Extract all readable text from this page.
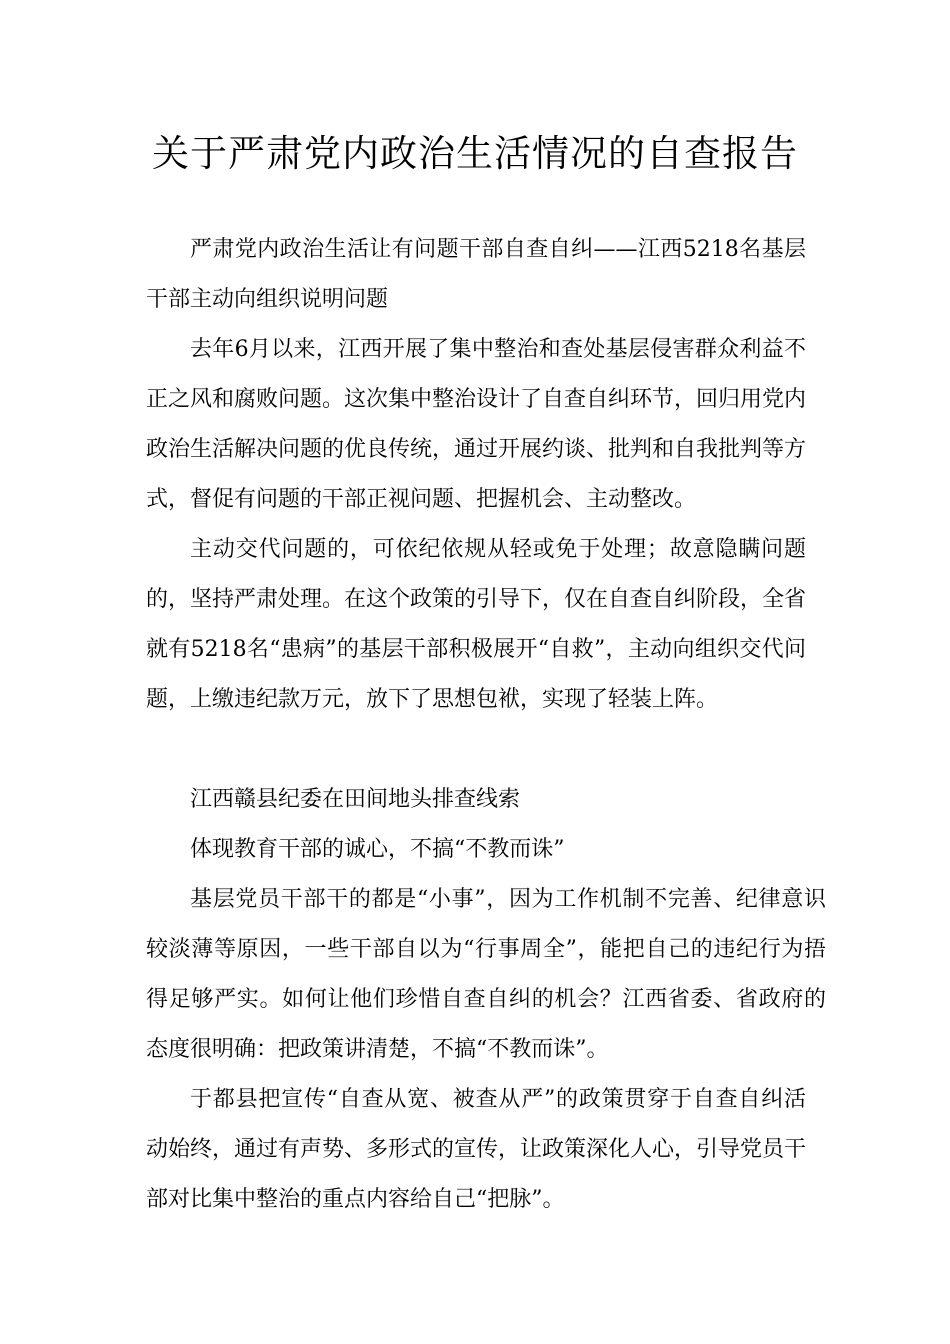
关于严肃党内政治生活情况的自查报告
严肃党内政治生活让有问题干部自查自纠——江西5218名基层干部主动向组织说明问题
去年6月以来，江西开展了集中整治和查处基层侵害群众利益不正之风和腐败问题。这次集中整治设计了自查自纠环节，回归用党内政治生活解决问题的优良传统，通过开展约谈、批判和自我批判等方式，督促有问题的干部正视问题、把握机会、主动整改。
主动交代问题的，可依纪依规从轻或免于处理；故意隐瞒问题的，坚持严肃处理。在这个政策的引导下，仅在自查自纠阶段，全省就有5218名“患病”的基层干部积极展开“自救”，主动向组织交代问题，上缴违纪款万元，放下了思想包袱，实现了轻装上阵。
江西赣县纪委在田间地头排查线索
体现教育干部的诚心，不搞“不教而诛”
基层党员干部干的都是“小事”，因为工作机制不完善、纪律意识较淡薄等原因，一些干部自以为“行事周全”，能把自己的违纪行为捂得足够严实。如何让他们珍惜自查自纠的机会？江西省委、省政府的态度很明确：把政策讲清楚，不搞“不教而诛”。
于都县把宣传“自查从宽、被查从严”的政策贯穿于自查自纠活动始终，通过有声势、多形式的宣传，让政策深化人心，引导党员干部对比集中整治的重点内容给自己“把脉”。
